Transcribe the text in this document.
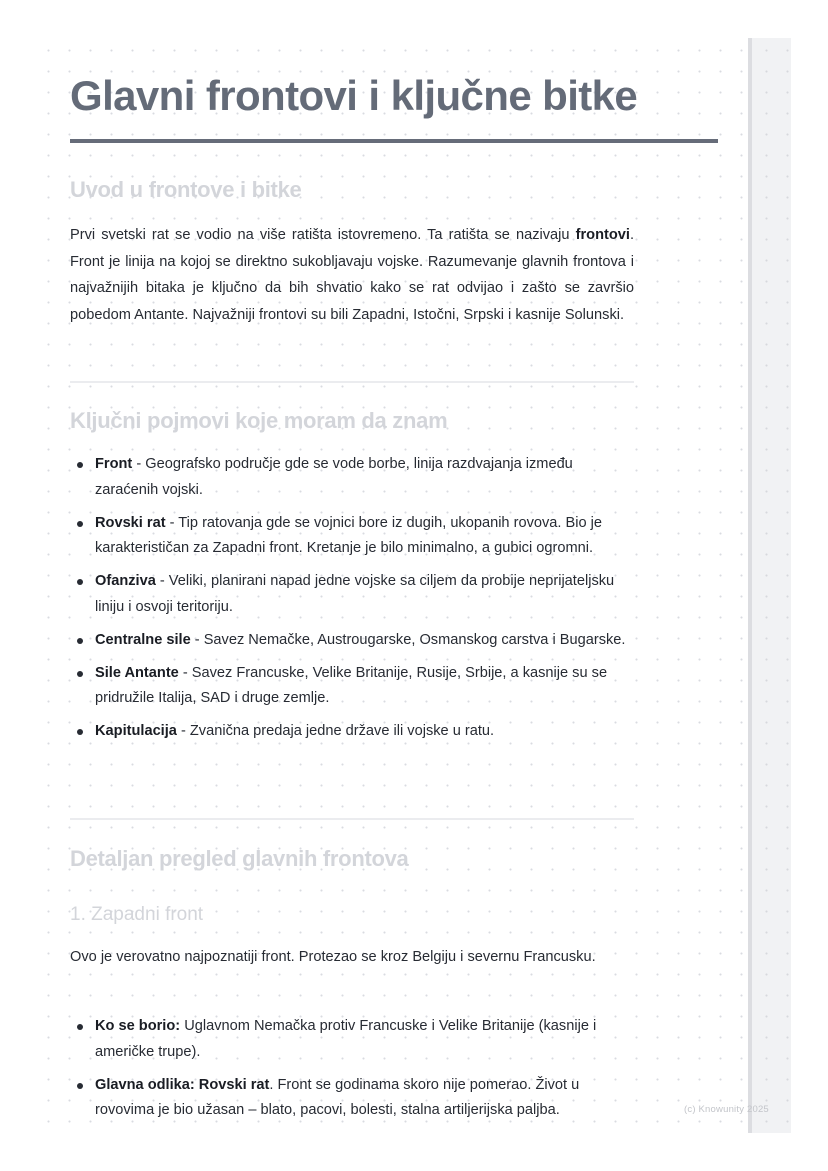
Glavni frontovi i ključne bitke
Uvod u frontove i bitke

Prvi svetski rat se vodio na više ratišta istovremeno. Ta ratišta se nazivaju frontovi. Front je linija na kojoj se direktno sukobljavaju vojske. Razumevanje glavnih frontova i najvažnijih bitaka je ključno da bih shvatio kako se rat odvijao i zašto se završio pobedom Antante. Najvažniji frontovi su bili Zapadni, Istočni, Srpski i kasnije Solunski.

Ključni pojmovi koje moram da znam
Front - Geografsko područje gde se vode borbe, linija razdvajanja između zaraćenih vojski.
Rovski rat - Tip ratovanja gde se vojnici bore iz dugih, ukopanih rovova. Bio je karakterističan za Zapadni front. Kretanje je bilo minimalno, a gubici ogromni.
Ofanziva - Veliki, planirani napad jedne vojske sa ciljem da probije neprijateljsku liniju i osvoji teritoriju.
Centralne sile - Savez Nemačke, Austrougarske, Osmanskog carstva i Bugarske.
Sile Antante - Savez Francuske, Velike Britanije, Rusije, Srbije, a kasnije su se pridružile Italija, SAD i druge zemlje.
Kapitulacija - Zvanična predaja jedne države ili vojske u ratu.
Detaljan pregled glavnih frontova
1. Zapadni front

Ovo je verovatno najpoznatiji front. Protezao se kroz Belgiju i severnu Francusku.

Ko se borio: Uglavnom Nemačka protiv Francuske i Velike Britanije (kasnije i američke trupe).
Glavna odlika: Rovski rat. Front se godinama skoro nije pomerao. Život u rovovima je bio užasan – blato, pacovi, bolesti, stalna artiljerijska paljba.	(c) Knowunity 2025
